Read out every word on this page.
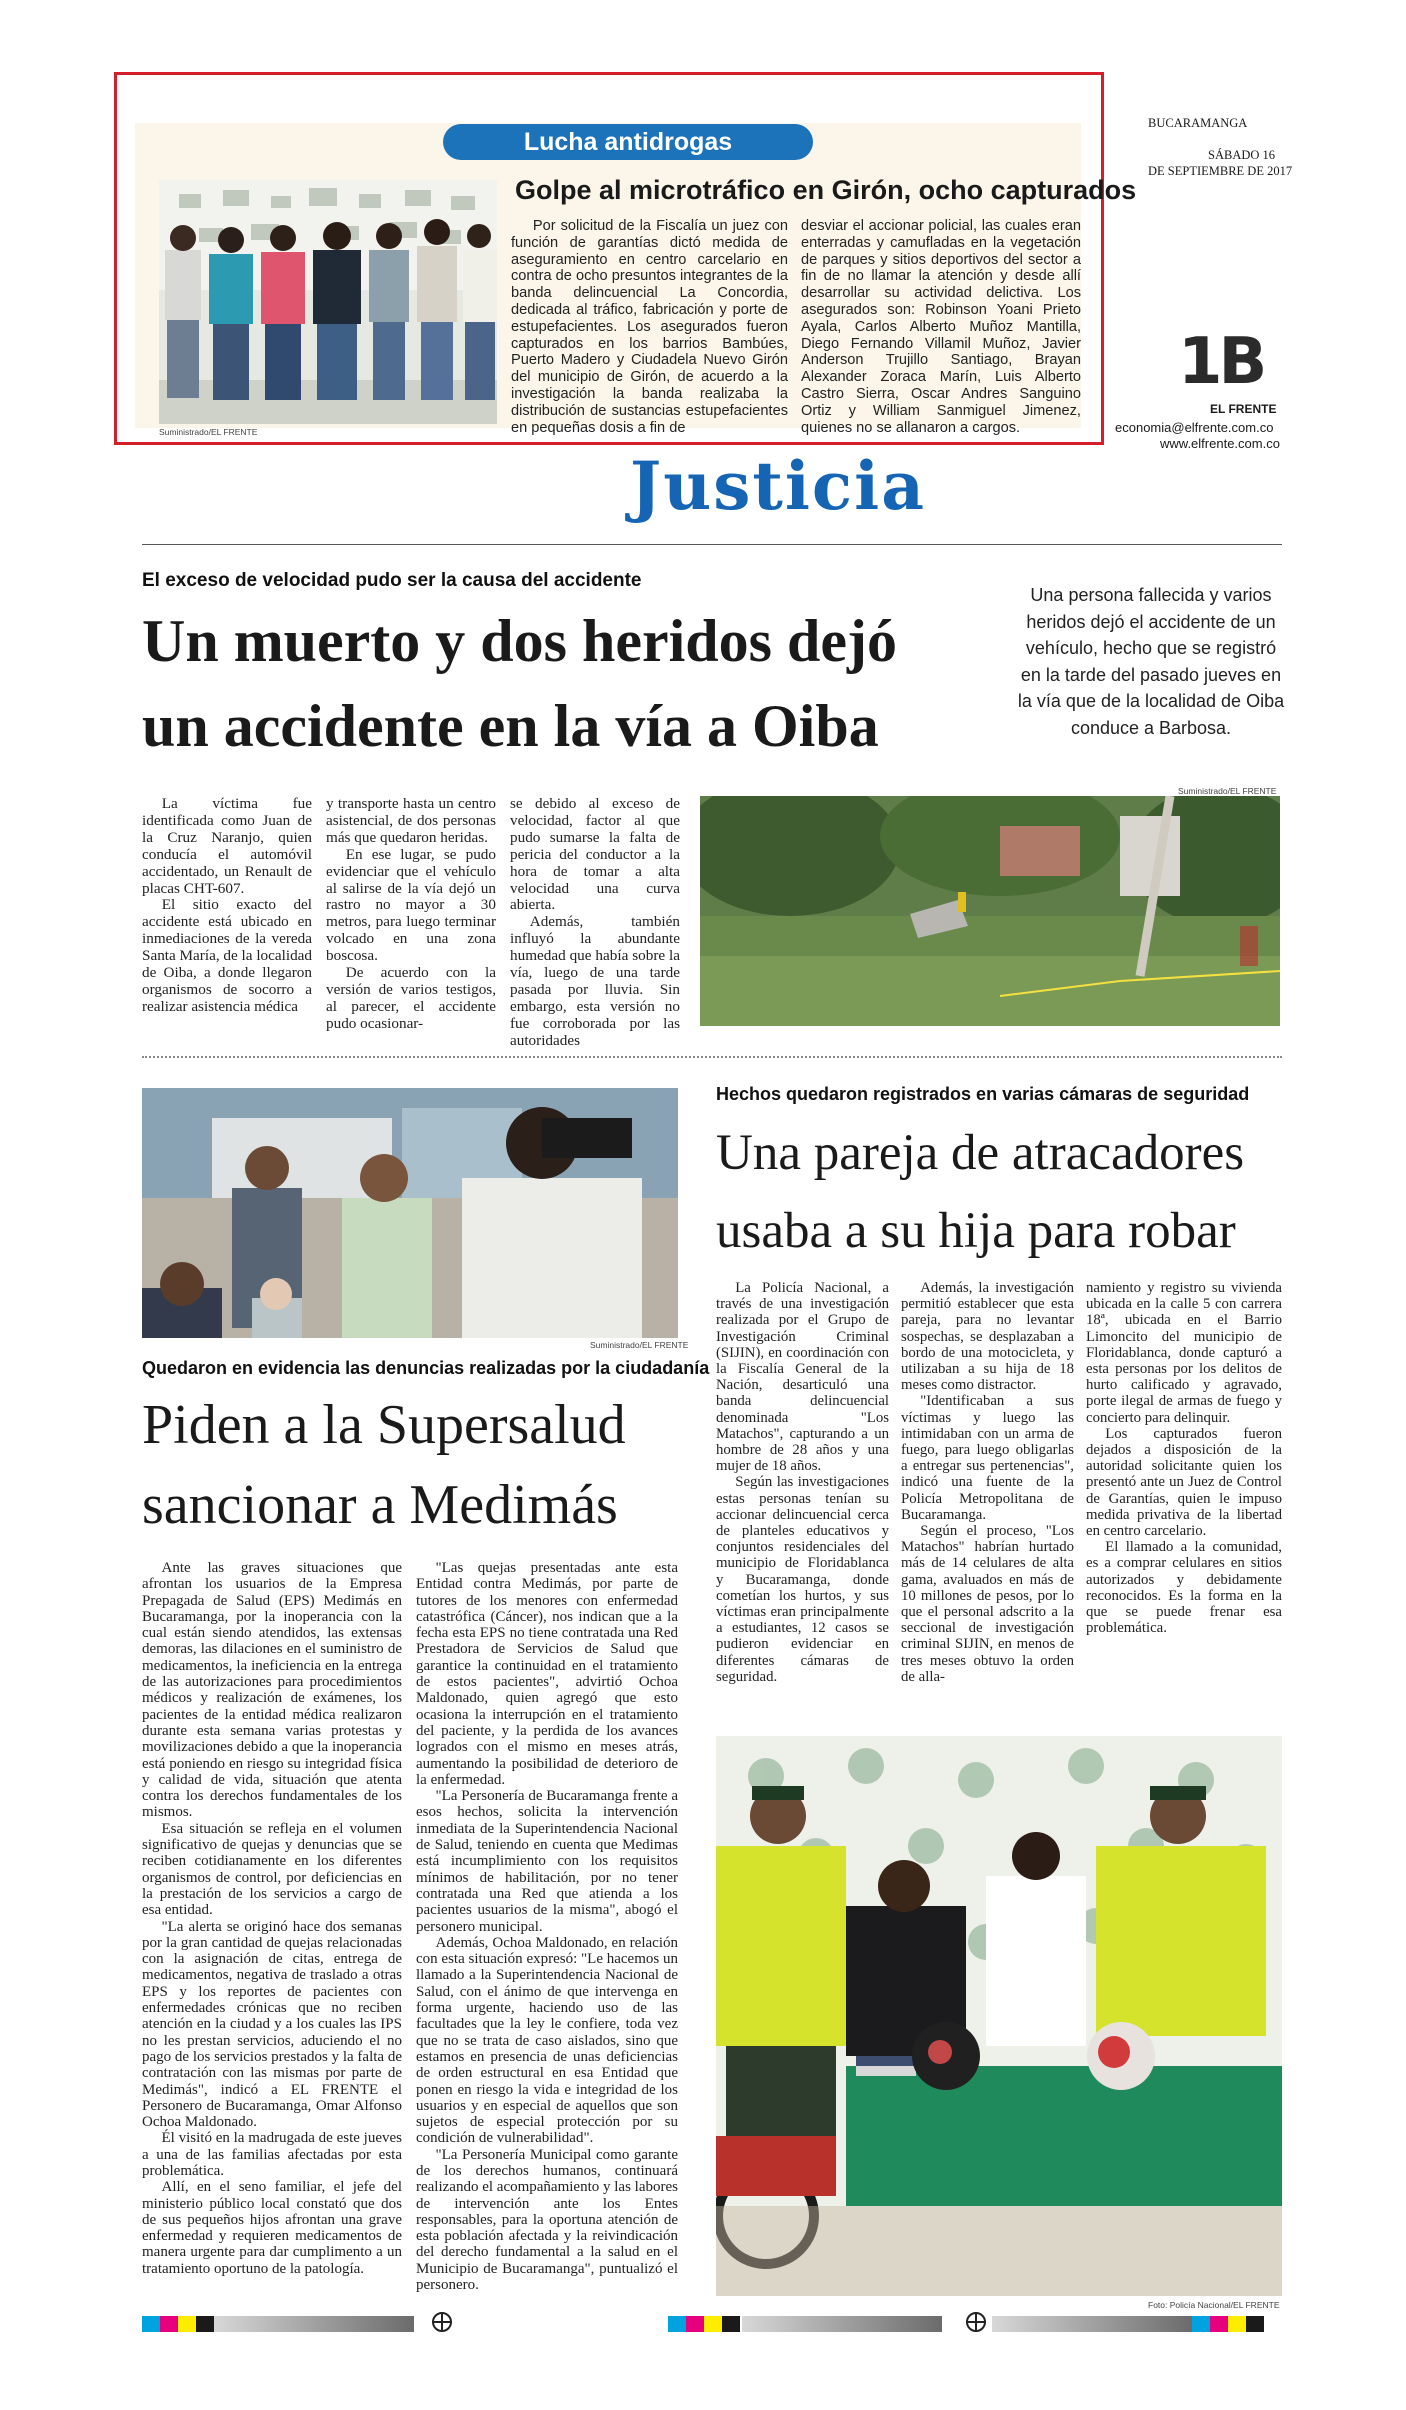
Lucha antidrogas
Golpe al microtráfico en Girón, ocho capturados
Suministrado/EL FRENTE
Por solicitud de la Fiscalía un juez con función de garantías dictó medida de aseguramiento en centro carcelario en contra de ocho presuntos integrantes de la banda delincuencial La Concordia, dedicada al tráfico, fabricación y porte de estupefacientes. Los asegurados fueron capturados en los barrios Bambúes, Puerto Madero y Ciudadela Nuevo Girón del municipio de Girón, de acuerdo a la investigación la banda realizaba la distribución de sustancias estupefacientes en pequeñas dosis a fin de
desviar el accionar policial, las cuales eran enterradas y camufladas en la vegetación de parques y sitios deportivos del sector a fin de no llamar la atención y desde allí desarrollar su actividad delictiva. Los asegurados son: Robinson Yoani Prieto Ayala, Carlos Alberto Muñoz Mantilla, Diego Fernando Villamil Muñoz, Javier Anderson Trujillo Santiago, Brayan Alexander Zoraca Marín, Luis Alberto Castro Sierra, Oscar Andres Sanguino Ortiz y William Sanmiguel Jimenez, quienes no se allanaron a cargos.
BUCARAMANGA
SÁBADO 16
DE SEPTIEMBRE DE 2017
1B
EL FRENTE
economia@elfrente.com.co
www.elfrente.com.co
Justicia
El exceso de velocidad pudo ser la causa del accidente
Un muerto y dos heridos dejó
un accidente en la vía a Oiba
Una persona fallecida y varios heridos dejó el accidente de un vehículo, hecho que se registró en la tarde del pasado jueves en la vía que de la localidad de Oiba conduce a Barbosa.

La víctima fue identificada como Juan de la Cruz Naranjo, quien conducía el automóvil accidentado, un Renault de placas CHT-607.

El sitio exacto del accidente está ubicado en inmediaciones de la vereda Santa María, de la localidad de Oiba, a donde llegaron organismos de socorro a realizar asistencia médica

y transporte hasta un centro asistencial, de dos personas más que quedaron heridas.

En ese lugar, se pudo evidenciar que el vehículo al salirse de la vía dejó un rastro no mayor a 30 metros, para luego terminar volcado en una zona boscosa.

De acuerdo con la versión de varios testigos, al parecer, el accidente pudo ocasionar-

se debido al exceso de velocidad, factor al que pudo sumarse la falta de pericia del conductor a la hora de tomar a alta velocidad una curva abierta.

Además, también influyó la abundante humedad que había sobre la vía, luego de una tarde pasada por lluvia. Sin embargo, esta versión no fue corroborada por las autoridades

Suministrado/EL FRENTE
Suministrado/EL FRENTE
Quedaron en evidencia las denuncias realizadas por la ciudadanía
Piden a la Supersalud
sancionar a Medimás

Ante las graves situaciones que afrontan los usuarios de la Empresa Prepagada de Salud (EPS) Medimás en Bucaramanga, por la inoperancia con la cual están siendo atendidos, las extensas demoras, las dilaciones en el suministro de medicamentos, la ineficiencia en la entrega de las autorizaciones para procedimientos médicos y realización de exámenes, los pacientes de la entidad médica realizaron durante esta semana varias protestas y movilizaciones debido a que la inoperancia está poniendo en riesgo su integridad física y calidad de vida, situación que atenta contra los derechos fundamentales de los mismos.

Esa situación se refleja en el volumen significativo de quejas y denuncias que se reciben cotidianamente en los diferentes organismos de control, por deficiencias en la prestación de los servicios a cargo de esa entidad.

"La alerta se originó hace dos semanas por la gran cantidad de quejas relacionadas con la asignación de citas, entrega de medicamentos, negativa de traslado a otras EPS y los reportes de pacientes con enfermedades crónicas que no reciben atención en la ciudad y a los cuales las IPS no les prestan servicios, aduciendo el no pago de los servicios prestados y la falta de contratación con las mismas por parte de Medimás", indicó a EL FRENTE el Personero de Bucaramanga, Omar Alfonso Ochoa Maldonado.

Él visitó en la madrugada de este jueves a una de las familias afectadas por esta problemática.

Allí, en el seno familiar, el jefe del ministerio público local constató que dos de sus pequeños hijos afrontan una grave enfermedad y requieren medicamentos de manera urgente para dar cumplimento a un tratamiento oportuno de la patología.

"Las quejas presentadas ante esta Entidad contra Medimás, por parte de tutores de los menores con enfermedad catastrófica (Cáncer), nos indican que a la fecha esta EPS no tiene contratada una Red Prestadora de Servicios de Salud que garantice la continuidad en el tratamiento de estos pacientes", advirtió Ochoa Maldonado, quien agregó que esto ocasiona la interrupción en el tratamiento del paciente, y la perdida de los avances logrados con el mismo en meses atrás, aumentando la posibilidad de deterioro de la enfermedad.

"La Personería de Bucaramanga frente a esos hechos, solicita la intervención inmediata de la Superintendencia Nacional de Salud, teniendo en cuenta que Medimas está incumplimiento con los requisitos mínimos de habilitación, por no tener contratada una Red que atienda a los pacientes usuarios de la misma", abogó el personero municipal.

Además, Ochoa Maldonado, en relación con esta situación expresó: "Le hacemos un llamado a la Superintendencia Nacional de Salud, con el ánimo de que intervenga en forma urgente, haciendo uso de las facultades que la ley le confiere, toda vez que no se trata de caso aislados, sino que estamos en presencia de unas deficiencias de orden estructural en esa Entidad que ponen en riesgo la vida e integridad de los usuarios y en especial de aquellos que son sujetos de especial protección por su condición de vulnerabilidad".

"La Personería Municipal como garante de los derechos humanos, continuará realizando el acompañamiento y las labores de intervención ante los Entes responsables, para la oportuna atención de esta población afectada y la reivindicación del derecho fundamental a la salud en el Municipio de Bucaramanga", puntualizó el personero.

Hechos quedaron registrados en varias cámaras de seguridad
Una pareja de atracadores
usaba a su hija para robar

La Policía Nacional, a través de una investigación realizada por el Grupo de Investigación Criminal (SIJIN), en coordinación con la Fiscalía General de la Nación, desarticuló una banda delincuencial denominada "Los Matachos", capturando a un hombre de 28 años y una mujer de 18 años.

Según las investigaciones estas personas tenían su accionar delincuencial cerca de planteles educativos y conjuntos residenciales del municipio de Floridablanca y Bucaramanga, donde cometían los hurtos, y sus víctimas eran principalmente a estudiantes, 12 casos se pudieron evidenciar en diferentes cámaras de seguridad.

Además, la investigación permitió establecer que esta pareja, para no levantar sospechas, se desplazaban a bordo de una motocicleta, y utilizaban a su hija de 18 meses como distractor.

"Identificaban a sus víctimas y luego las intimidaban con un arma de fuego, para luego obligarlas a entregar sus pertenencias", indicó una fuente de la Policía Metropolitana de Bucaramanga.

Según el proceso, "Los Matachos" habrían hurtado más de 14 celulares de alta gama, avaluados en más de 10 millones de pesos, por lo que el personal adscrito a la seccional de investigación criminal SIJIN, en menos de tres meses obtuvo la orden de alla-

namiento y registro su vivienda ubicada en la calle 5 con carrera 18ª, ubicada en el Barrio Limoncito del municipio de Floridablanca, donde capturó a esta personas por los delitos de hurto calificado y agravado, porte ilegal de armas de fuego y concierto para delinquir.

Los capturados fueron dejados a disposición de la autoridad solicitante quien los presentó ante un Juez de Control de Garantías, quien le impuso medida privativa de la libertad en centro carcelario.

El llamado a la comunidad, es a comprar celulares en sitios autorizados y debidamente reconocidos. Es la forma en la que se puede frenar esa problemática.

Foto: Policía Nacional/EL FRENTE
